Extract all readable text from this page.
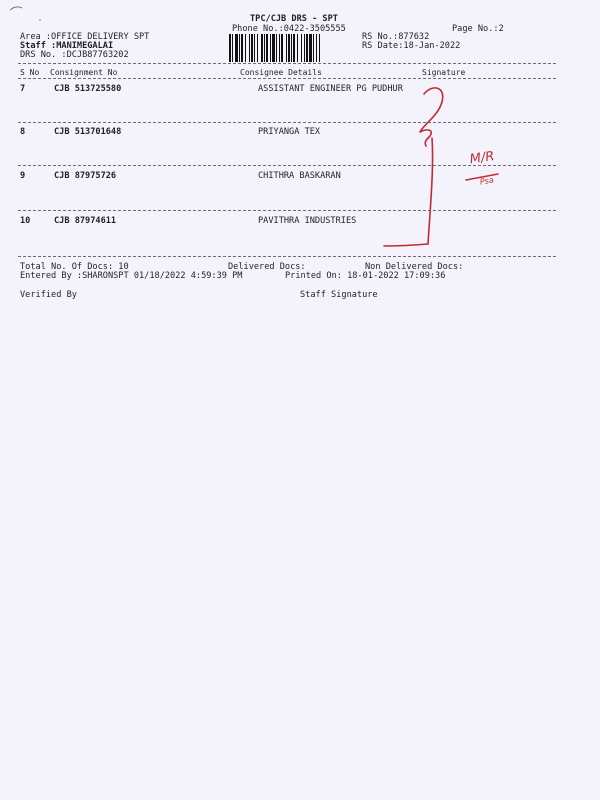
TPC/CJB DRS - SPT
Phone No.:0422-3505555	Page No.:2
Area :OFFICE DELIVERY SPT
Staff :MANIMEGALAI
DRS No. :DCJB87763202
RS No.:877632
RS Date:18-Jan-2022
S No Consignment No	Consignee Details	Signature
7	CJB 513725580	ASSISTANT ENGINEER PG PUDHUR
8	CJB 513701648	PRIYANGA TEX
9	CJB 87975726	CHITHRA BASKARAN
10	CJB 87974611	PAVITHRA INDUSTRIES
Total No. Of Docs: 10	Delivered Docs:	Non Delivered Docs:
Entered By :SHARONSPT 01/18/2022 4:59:39 PM	Printed On: 18-01-2022 17:09:36
Verified By	Staff Signature
M/R
Psa
